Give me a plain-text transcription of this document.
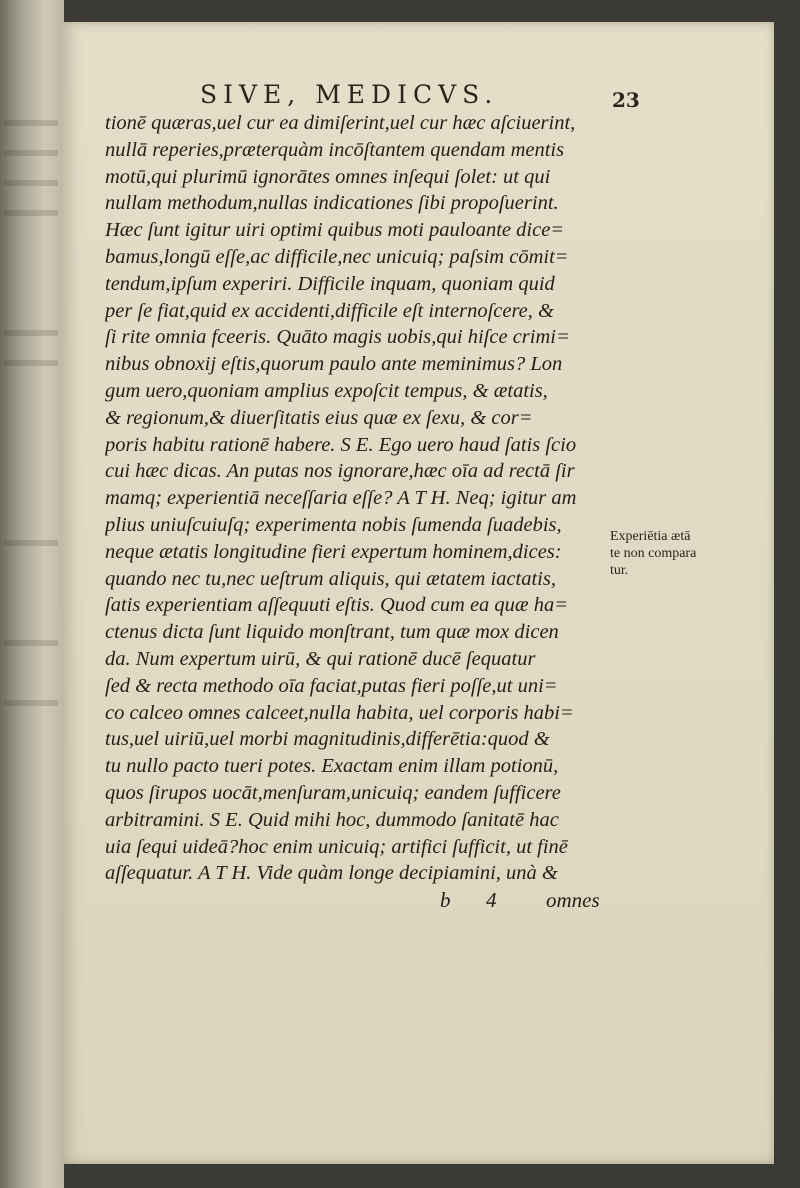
SIVE, MEDICVS.	23
tionē quæras,uel cur ea dimiſerint,uel cur hæc aſciuerint,
nullā reperies,præterquàm incōſtantem quendam mentis
motū,qui plurimū ignorātes omnes inſequi ſolet: ut qui
nullam methodum,nullas indicationes ſibi propoſuerint.
Hæc ſunt igitur uiri optimi quibus moti pauloante dice=
bamus,longū eſſe,ac difficile,nec unicuiq; paſsim cōmit=
tendum,ipſum experiri. Difficile inquam, quoniam quid
per ſe fiat,quid ex accidenti,difficile eſt internoſcere, &
ſi rite omnia fceeris. Quāto magis uobis,qui hiſce crimi=
nibus obnoxij eſtis,quorum paulo ante meminimus? Lon
gum uero,quoniam amplius expoſcit tempus, & ætatis,
& regionum,& diuerſitatis eius quæ ex ſexu, & cor=
poris habitu rationē habere. S E. Ego uero haud ſatis ſcio
cui hæc dicas. An putas nos ignorare,hæc oīa ad rectā ſir
mamq; experientiā neceſſaria eſſe? A T H. Neq; igitur am
plius uniuſcuiuſq; experimenta nobis ſumenda ſuadebis,
neque ætatis longitudine fieri expertum hominem,dices:
quando nec tu,nec ueſtrum aliquis, qui ætatem iactatis,
ſatis experientiam aſſequuti eſtis. Quod cum ea quæ ha=
ctenus dicta ſunt liquido monſtrant, tum quæ mox dicen
da. Num expertum uirū, & qui rationē ducē ſequatur
ſed & recta methodo oīa faciat,putas fieri poſſe,ut uni=
co calceo omnes calceet,nulla habita, uel corporis habi=
tus,uel uiriū,uel morbi magnitudinis,differētia:quod &
tu nullo pacto tueri potes. Exactam enim illam potionū,
quos ſirupos uocāt,menſuram,unicuiq; eandem ſufficere
arbitramini. S E. Quid mihi hoc, dummodo ſanitatē hac
uia ſequi uideā?hoc enim unicuiq; artifici ſufficit, ut finē
aſſequatur. A T H. Vide quàm longe decipiamini, unà &
b 4 omnes
Experiētia ætā
te non compara
tur.
